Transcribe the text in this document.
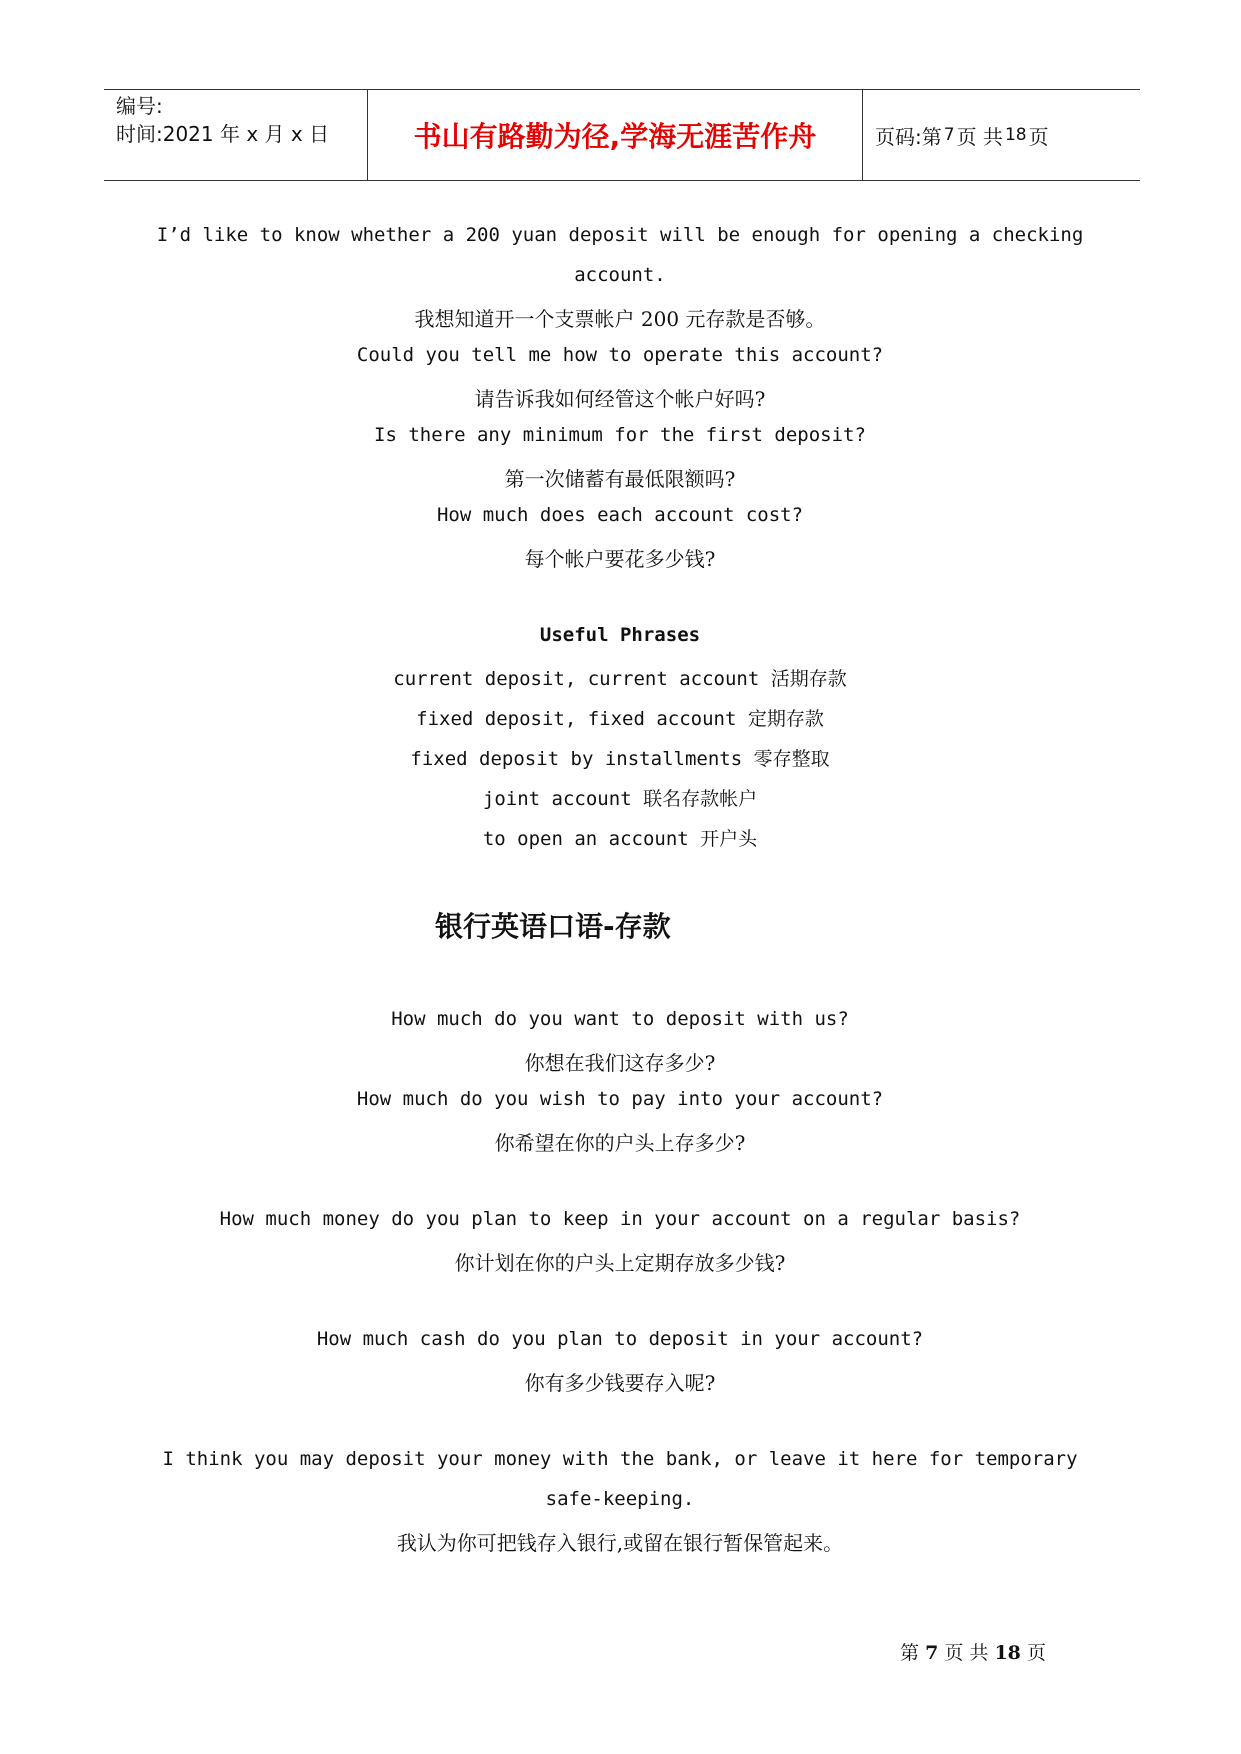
编号:
时间:2021 年 x 月 x 日	书山有路勤为径,学海无涯苦作舟	页码:第 7 页 共 18 页
I’d like to know whether a 200 yuan deposit will be enough for opening a checking
account.
我想知道开一个支票帐户 200 元存款是否够。
Could you tell me how to operate this account?
请告诉我如何经管这个帐户好吗?
Is there any minimum for the first deposit?
第一次储蓄有最低限额吗?
How much does each account cost?
每个帐户要花多少钱?
Useful Phrases
current deposit, current account 活期存款
fixed deposit, fixed account 定期存款
fixed deposit by installments 零存整取
joint account 联名存款帐户
to open an account 开户头
银行英语口语-存款
How much do you want to deposit with us?
你想在我们这存多少?
How much do you wish to pay into your account?
你希望在你的户头上存多少?
How much money do you plan to keep in your account on a regular basis?
你计划在你的户头上定期存放多少钱?
How much cash do you plan to deposit in your account?
你有多少钱要存入呢?
I think you may deposit your money with the bank, or leave it here for temporary
safe-keeping.
我认为你可把钱存入银行,或留在银行暂保管起来。
第 7 页 共 18 页
